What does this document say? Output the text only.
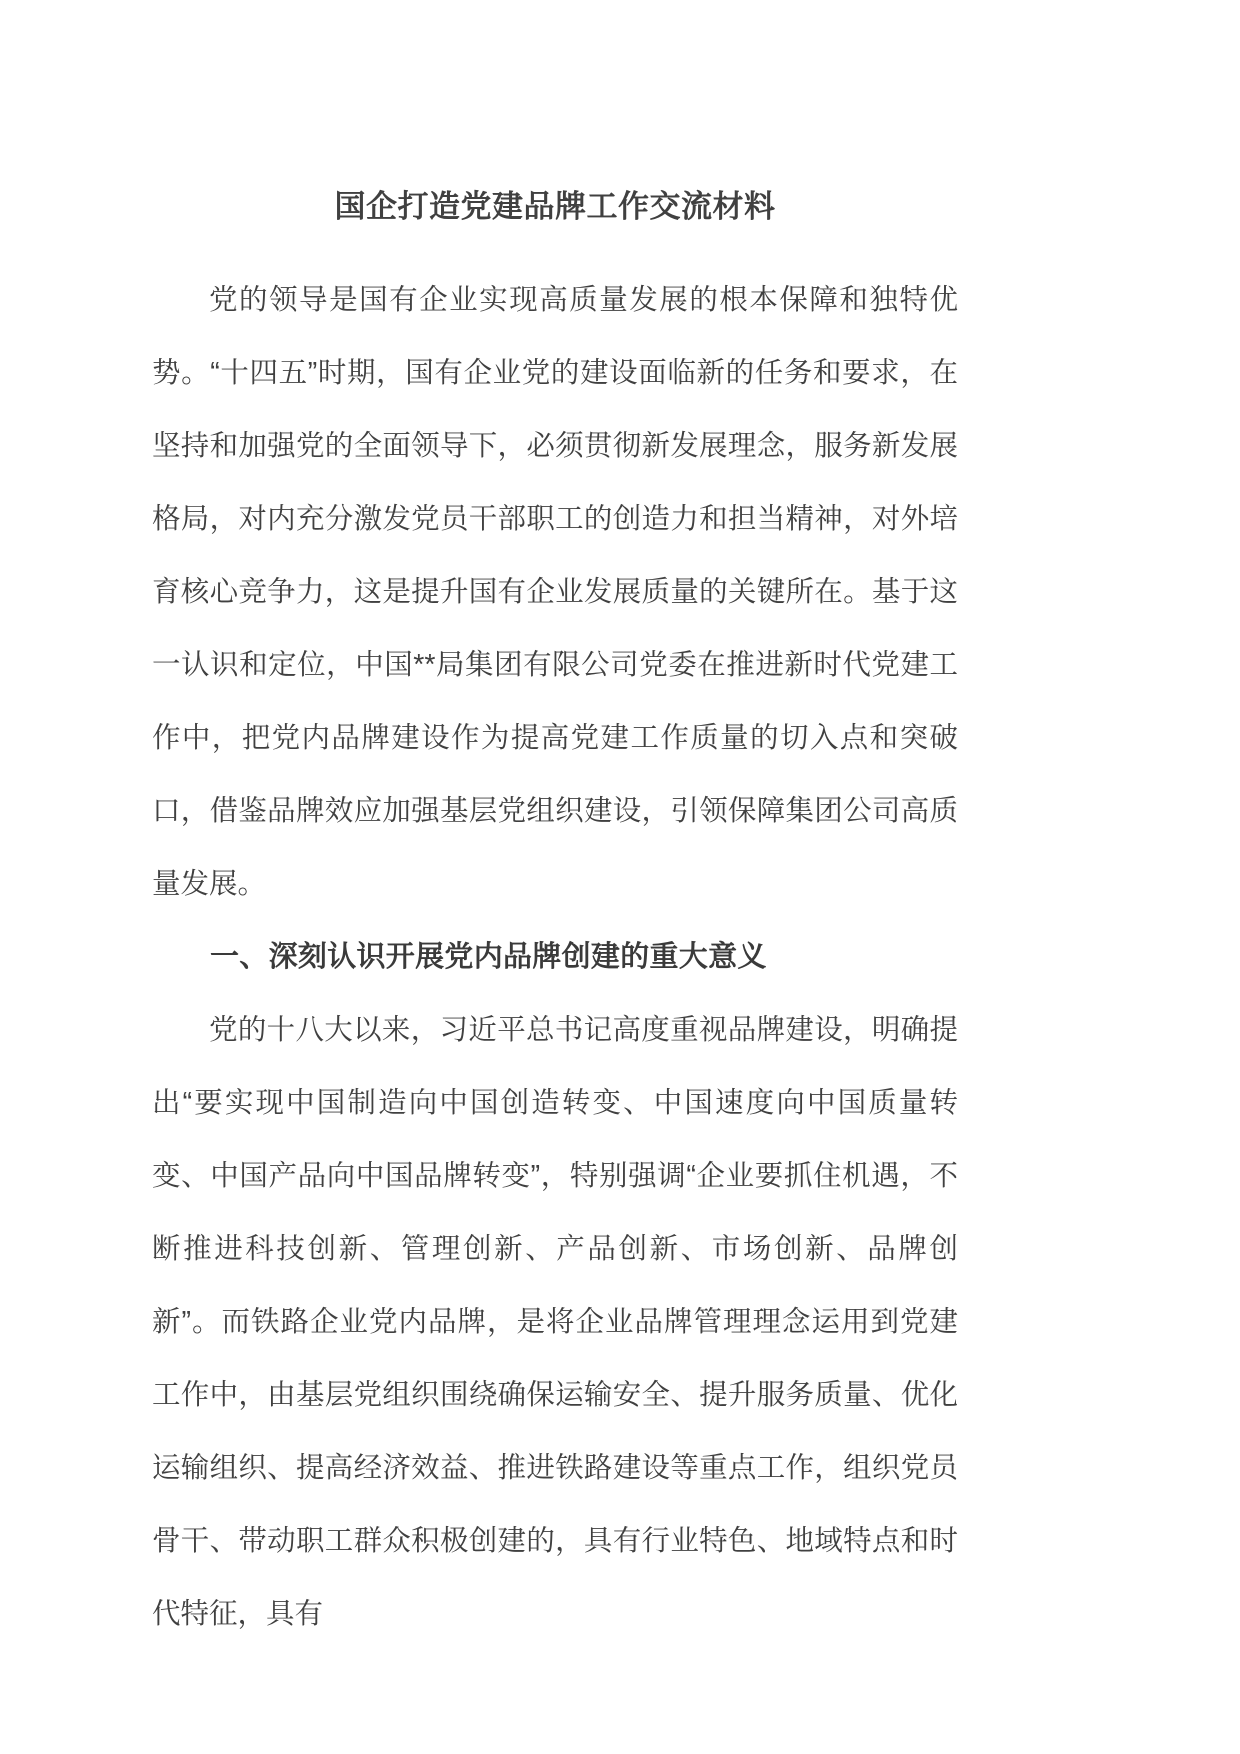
国企打造党建品牌工作交流材料

党的领导是国有企业实现高质量发展的根本保障和独特优势。“十四五”时期，国有企业党的建设面临新的任务和要求，在坚持和加强党的全面领导下，必须贯彻新发展理念，服务新发展格局，对内充分激发党员干部职工的创造力和担当精神，对外培育核心竞争力，这是提升国有企业发展质量的关键所在。基于这一认识和定位，中国**局集团有限公司党委在推进新时代党建工作中，把党内品牌建设作为提高党建工作质量的切入点和突破口，借鉴品牌效应加强基层党组织建设，引领保障集团公司高质量发展。

一、深刻认识开展党内品牌创建的重大意义

党的十八大以来，习近平总书记高度重视品牌建设，明确提出“要实现中国制造向中国创造转变、中国速度向中国质量转变、中国产品向中国品牌转变”，特别强调“企业要抓住机遇，不断推进科技创新、管理创新、产品创新、市场创新、品牌创新”。而铁路企业党内品牌，是将企业品牌管理理念运用到党建工作中，由基层党组织围绕确保运输安全、提升服务质量、优化运输组织、提高经济效益、推进铁路建设等重点工作，组织党员骨干、带动职工群众积极创建的，具有行业特色、地域特点和时代特征，具有
